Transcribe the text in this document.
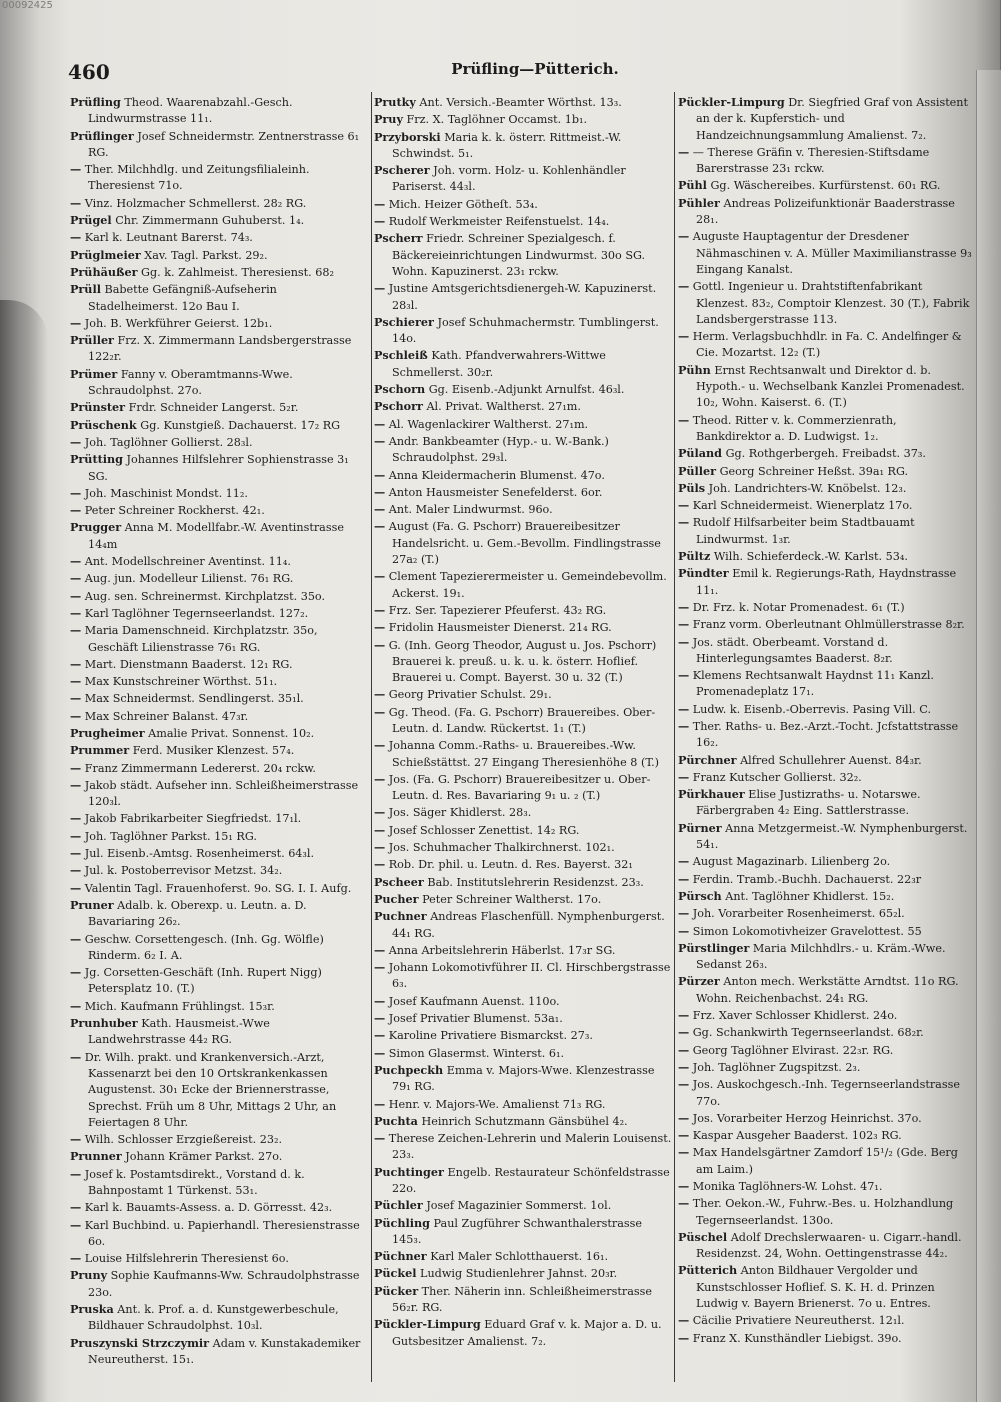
00092425
460	Prüfling—Pütterich.

Prüfling Theod. Waarenabzahl.-Gesch. Lindwurmstrasse 11₁.

Prüflinger Josef Schneidermstr. Zentnerstrasse 6₁ RG.

— Ther. Milchhdlg. und Zeitungsfilialeinh. Theresienst 71o.

— Vinz. Holzmacher Schmellerst. 28₂ RG.

Prügel Chr. Zimmermann Guhuberst. 1₄.

— Karl k. Leutnant Barerst. 74₃.

Prüglmeier Xav. Tagl. Parkst. 29₂.

Prühäußer Gg. k. Zahlmeist. Theresienst. 68₂

Prüll Babette Gefängniß-Aufseherin Stadelheimerst. 12o Bau I.

— Joh. B. Werkführer Geierst. 12b₁.

Prüller Frz. X. Zimmermann Landsbergerstrasse 122₂r.

Prümer Fanny v. Oberamtmanns-Wwe. Schraudolphst. 27o.

Prünster Frdr. Schneider Langerst. 5₂r.

Prüschenk Gg. Kunstgieß. Dachauerst. 17₂ RG

— Joh. Taglöhner Gollierst. 28₃l.

Prütting Johannes Hilfslehrer Sophienstrasse 3₁ SG.

— Joh. Maschinist Mondst. 11₂.

— Peter Schreiner Rockherst. 42₁.

Prugger Anna M. Modellfabr.-W. Aventinstrasse 14₄m

— Ant. Modellschreiner Aventinst. 11₄.

— Aug. jun. Modelleur Lilienst. 76₁ RG.

— Aug. sen. Schreinermst. Kirchplatzst. 35o.

— Karl Taglöhner Tegernseerlandst. 127₂.

— Maria Damenschneid. Kirchplatzstr. 35o, Geschäft Lilienstrasse 76₁ RG.

— Mart. Dienstmann Baaderst. 12₁ RG.

— Max Kunstschreiner Wörthst. 51₁.

— Max Schneidermst. Sendlingerst. 35₁l.

— Max Schreiner Balanst. 47₃r.

Prugheimer Amalie Privat. Sonnenst. 10₂.

Prummer Ferd. Musiker Klenzest. 57₄.

— Franz Zimmermann Ledererst. 20₄ rckw.

— Jakob städt. Aufseher inn. Schleißheimerstrasse 120₃l.

— Jakob Fabrikarbeiter Siegfriedst. 17₁l.

— Joh. Taglöhner Parkst. 15₁ RG.

— Jul. Eisenb.-Amtsg. Rosenheimerst. 64₃l.

— Jul. k. Postoberrevisor Metzst. 34₂.

— Valentin Tagl. Frauenhoferst. 9o. SG. I. I. Aufg.

Pruner Adalb. k. Oberexp. u. Leutn. a. D. Bavariaring 26₂.

— Geschw. Corsettengesch. (Inh. Gg. Wölfle) Rinderm. 6₂ I. A.

— Jg. Corsetten-Geschäft (Inh. Rupert Nigg) Petersplatz 10. (T.)

— Mich. Kaufmann Frühlingst. 15₃r.

Prunhuber Kath. Hausmeist.-Wwe Landwehrstrasse 44₂ RG.

— Dr. Wilh. prakt. und Krankenversich.-Arzt, Kassenarzt bei den 10 Ortskrankenkassen Augustenst. 30₁ Ecke der Briennerstrasse, Sprechst. Früh um 8 Uhr, Mittags 2 Uhr, an Feiertagen 8 Uhr.

— Wilh. Schlosser Erzgießereist. 23₂.

Prunner Johann Krämer Parkst. 27o.

— Josef k. Postamtsdirekt., Vorstand d. k. Bahnpostamt 1 Türkenst. 53₁.

— Karl k. Bauamts-Assess. a. D. Görresst. 42₃.

— Karl Buchbind. u. Papierhandl. Theresienstrasse 6o.

— Louise Hilfslehrerin Theresienst 6o.

Pruny Sophie Kaufmanns-Ww. Schraudolphstrasse 23o.

Pruska Ant. k. Prof. a. d. Kunstgewerbeschule, Bildhauer Schraudolphst. 10₃l.

Pruszynski Strzczymir Adam v. Kunstakademiker Neureutherst. 15₁.

Prutky Ant. Versich.-Beamter Wörthst. 13₃.

Pruy Frz. X. Taglöhner Occamst. 1b₁.

Przyborski Maria k. k. österr. Rittmeist.-W. Schwindst. 5₁.

Pscherer Joh. vorm. Holz- u. Kohlenhändler Pariserst. 44₃l.

— Mich. Heizer Götheſt. 53₄.

— Rudolf Werkmeister Reifenstuelst. 14₄.

Pscherr Friedr. Schreiner Spezialgesch. f. Bäckereieinrichtungen Lindwurmst. 30o SG. Wohn. Kapuzinerst. 23₁ rckw.

— Justine Amtsgerichtsdienergeh-W. Kapuzinerst. 28₃l.

Pschierer Josef Schuhmachermstr. Tumblingerst. 14o.

Pschleiß Kath. Pfandverwahrers-Wittwe Schmellerst. 30₂r.

Pschorn Gg. Eisenb.-Adjunkt Arnulfst. 46₃l.

Pschorr Al. Privat. Waltherst. 27₁m.

— Al. Wagenlackirer Waltherst. 27₁m.

— Andr. Bankbeamter (Hyp.- u. W.-Bank.) Schraudolphst. 29₃l.

— Anna Kleidermacherin Blumenst. 47o.

— Anton Hausmeister Senefelderst. 6or.

— Ant. Maler Lindwurmst. 96o.

— August (Fa. G. Pschorr) Brauereibesitzer Handelsricht. u. Gem.-Bevollm. Findlingstrasse 27a₂ (T.)

— Clement Tapezierermeister u. Gemeindebevollm. Ackerst. 19₁.

— Frz. Ser. Tapezierer Pfeuferst. 43₂ RG.

— Fridolin Hausmeister Dienerst. 21₄ RG.

— G. (Inh. Georg Theodor, August u. Jos. Pschorr) Brauerei k. preuß. u. k. u. k. österr. Hoflief. Brauerei u. Compt. Bayerst. 30 u. 32 (T.)

— Georg Privatier Schulst. 29₁.

— Gg. Theod. (Fa. G. Pschorr) Brauereibes. Ober-Leutn. d. Landw. Rückertst. 1₁ (T.)

— Johanna Comm.-Raths- u. Brauereibes.-Ww. Schießstättst. 27 Eingang Theresienhöhe 8 (T.)

— Jos. (Fa. G. Pschorr) Brauereibesitzer u. Ober-Leutn. d. Res. Bavariaring 9₁ u. ₂ (T.)

— Jos. Säger Khidlerst. 28₃.

— Josef Schlosser Zenettist. 14₂ RG.

— Jos. Schuhmacher Thalkirchnerst. 102₁.

— Rob. Dr. phil. u. Leutn. d. Res. Bayerst. 32₁

Pscheer Bab. Institutslehrerin Residenzst. 23₃.

Pucher Peter Schreiner Waltherst. 17o.

Puchner Andreas Flaschenfüll. Nymphenburgerst. 44₁ RG.

— Anna Arbeitslehrerin Häberlst. 17₃r SG.

— Johann Lokomotivführer II. Cl. Hirschbergstrasse 6₃.

— Josef Kaufmann Auenst. 110o.

— Josef Privatier Blumenst. 53a₁.

— Karoline Privatiere Bismarckst. 27₃.

— Simon Glasermst. Winterst. 6₁.

Puchpeckh Emma v. Majors-Wwe. Klenzestrasse 79₁ RG.

— Henr. v. Majors-We. Amalienst 71₃ RG.

Puchta Heinrich Schutzmann Gänsbühel 4₂.

— Therese Zeichen-Lehrerin und Malerin Louisenst. 23₃.

Puchtinger Engelb. Restaurateur Schönfeldstrasse 22o.

Püchler Josef Magazinier Sommerst. 1ol.

Püchling Paul Zugführer Schwanthalerstrasse 145₃.

Püchner Karl Maler Schlotthauerst. 16₁.

Pückel Ludwig Studienlehrer Jahnst. 20₃r.

Pücker Ther. Näherin inn. Schleißheimerstrasse 56₂r. RG.

Pückler-Limpurg Eduard Graf v. k. Major a. D. u. Gutsbesitzer Amalienst. 7₂.

Pückler-Limpurg Dr. Siegfried Graf von Assistent an der k. Kupferstich- und Handzeichnungsammlung Amalienst. 7₂.

— — Therese Gräfin v. Theresien-Stiftsdame Barerstrasse 23₁ rckw.

Pühl Gg. Wäschereibes. Kurfürstenst. 60₁ RG.

Pühler Andreas Polizeifunktionär Baaderstrasse 28₁.

— Auguste Hauptagentur der Dresdener Nähmaschinen v. A. Müller Maximilianstrasse 9₃ Eingang Kanalst.

— Gottl. Ingenieur u. Drahtstiftenfabrikant Klenzest. 83₂, Comptoir Klenzest. 30 (T.), Fabrik Landsbergerstrasse 113.

— Herm. Verlagsbuchhdlr. in Fa. C. Andelfinger & Cie. Mozartst. 12₂ (T.)

Pühn Ernst Rechtsanwalt und Direktor d. b. Hypoth.- u. Wechselbank Kanzlei Promenadest. 10₂, Wohn. Kaiserst. 6. (T.)

— Theod. Ritter v. k. Commerzienrath, Bankdirektor a. D. Ludwigst. 1₂.

Püland Gg. Rothgerbergeh. Freibadst. 37₃.

Püller Georg Schreiner Heßst. 39a₁ RG.

Püls Joh. Landrichters-W. Knöbelst. 12₃.

— Karl Schneidermeist. Wienerplatz 17o.

— Rudolf Hilfsarbeiter beim Stadtbauamt Lindwurmst. 1₃r.

Pültz Wilh. Schieferdeck.-W. Karlst. 53₄.

Pündter Emil k. Regierungs-Rath, Haydnstrasse 11₁.

— Dr. Frz. k. Notar Promenadest. 6₁ (T.)

— Franz vorm. Oberleutnant Ohlmüllerstrasse 8₂r.

— Jos. städt. Oberbeamt. Vorstand d. Hinterlegungsamtes Baaderst. 8₂r.

— Klemens Rechtsanwalt Haydnst 11₁ Kanzl. Promenadeplatz 17₁.

— Ludw. k. Eisenb.-Oberrevis. Pasing Vill. C.

— Ther. Raths- u. Bez.-Arzt.-Tocht. Jcfstattstrasse 16₂.

Pürchner Alfred Schullehrer Auenst. 84₃r.

— Franz Kutscher Gollierst. 32₂.

Pürkhauer Elise Justizraths- u. Notarswe. Färbergraben 4₂ Eing. Sattlerstrasse.

Pürner Anna Metzgermeist.-W. Nymphenburgerst. 54₁.

— August Magazinarb. Lilienberg 2o.

— Ferdin. Tramb.-Buchh. Dachauerst. 22₃r

Pürsch Ant. Taglöhner Khidlerst. 15₂.

— Joh. Vorarbeiter Rosenheimerst. 65₂l.

— Simon Lokomotivheizer Gravelottest. 55

Pürstlinger Maria Milchhdlrs.- u. Kräm.-Wwe. Sedanst 26₃.

Pürzer Anton mech. Werkstätte Arndtst. 11o RG. Wohn. Reichenbachst. 24₁ RG.

— Frz. Xaver Schlosser Khidlerst. 24o.

— Gg. Schankwirth Tegernseerlandst. 68₂r.

— Georg Taglöhner Elvirast. 22₃r. RG.

— Joh. Taglöhner Zugspitzst. 2₃.

— Jos. Auskochgesch.-Inh. Tegernseerlandstrasse 77o.

— Jos. Vorarbeiter Herzog Heinrichst. 37o.

— Kaspar Ausgeher Baaderst. 102₃ RG.

— Max Handelsgärtner Zamdorf 15¹/₂ (Gde. Berg am Laim.)

— Monika Taglöhners-W. Lohst. 47₁.

— Ther. Oekon.-W., Fuhrw.-Bes. u. Holzhandlung Tegernseerlandst. 130o.

Püschel Adolf Drechslerwaaren- u. Cigarr.-handl. Residenzst. 24, Wohn. Oettingenstrasse 44₂.

Pütterich Anton Bildhauer Vergolder und Kunstschlosser Hoflief. S. K. H. d. Prinzen Ludwig v. Bayern Brienerst. 7o u. Entres.

— Cäcilie Privatiere Neureutherst. 12₁l.

— Franz X. Kunsthändler Liebigst. 39o.
